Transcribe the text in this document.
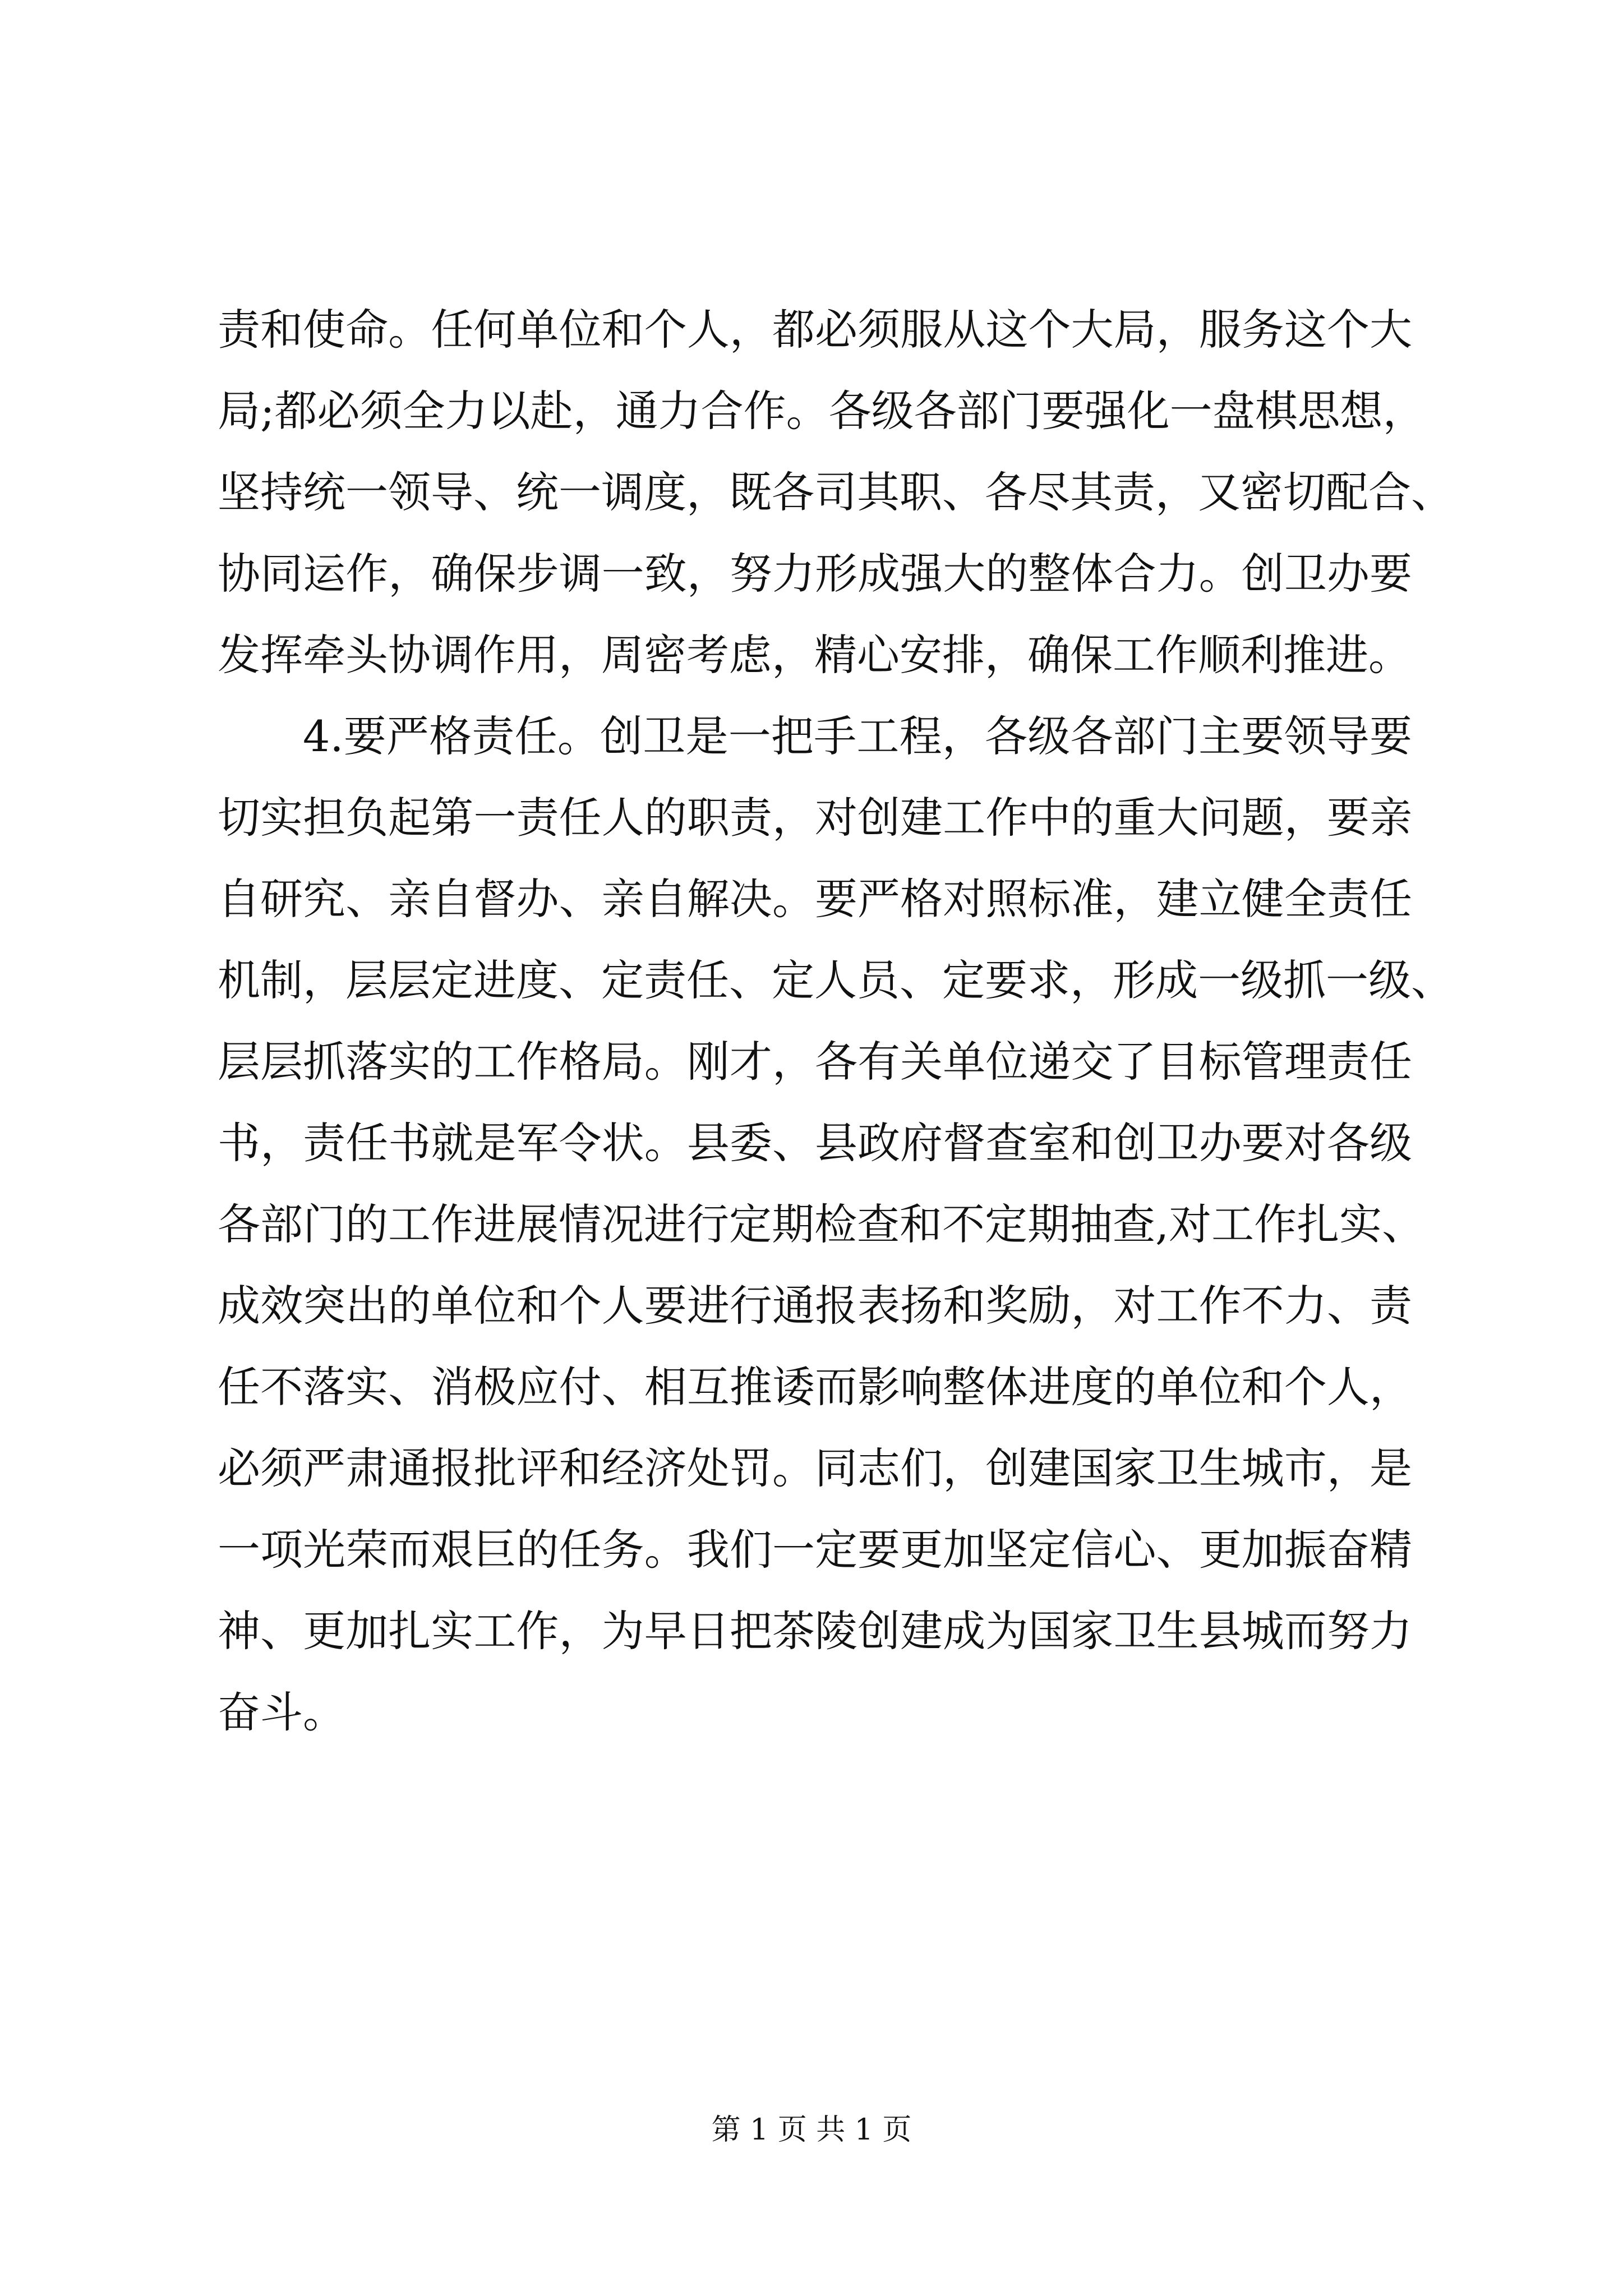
责和使命。任何单位和个人，都必须服从这个大局，服务这个大
局;都必须全力以赴，通力合作。各级各部门要强化一盘棋思想，
坚持统一领导、统一调度，既各司其职、各尽其责，又密切配合、
协同运作，确保步调一致，努力形成强大的整体合力。创卫办要
发挥牵头协调作用，周密考虑，精心安排，确保工作顺利推进。
4.要严格责任。创卫是一把手工程，各级各部门主要领导要
切实担负起第一责任人的职责，对创建工作中的重大问题，要亲
自研究、亲自督办、亲自解决。要严格对照标准，建立健全责任
机制，层层定进度、定责任、定人员、定要求，形成一级抓一级、
层层抓落实的工作格局。刚才，各有关单位递交了目标管理责任
书，责任书就是军令状。县委、县政府督查室和创卫办要对各级
各部门的工作进展情况进行定期检查和不定期抽查,对工作扎实、
成效突出的单位和个人要进行通报表扬和奖励，对工作不力、责
任不落实、消极应付、相互推诿而影响整体进度的单位和个人，
必须严肃通报批评和经济处罚。同志们，创建国家卫生城市，是
一项光荣而艰巨的任务。我们一定要更加坚定信心、更加振奋精
神、更加扎实工作，为早日把茶陵创建成为国家卫生县城而努力
奋斗。
第 1 页 共 1 页
